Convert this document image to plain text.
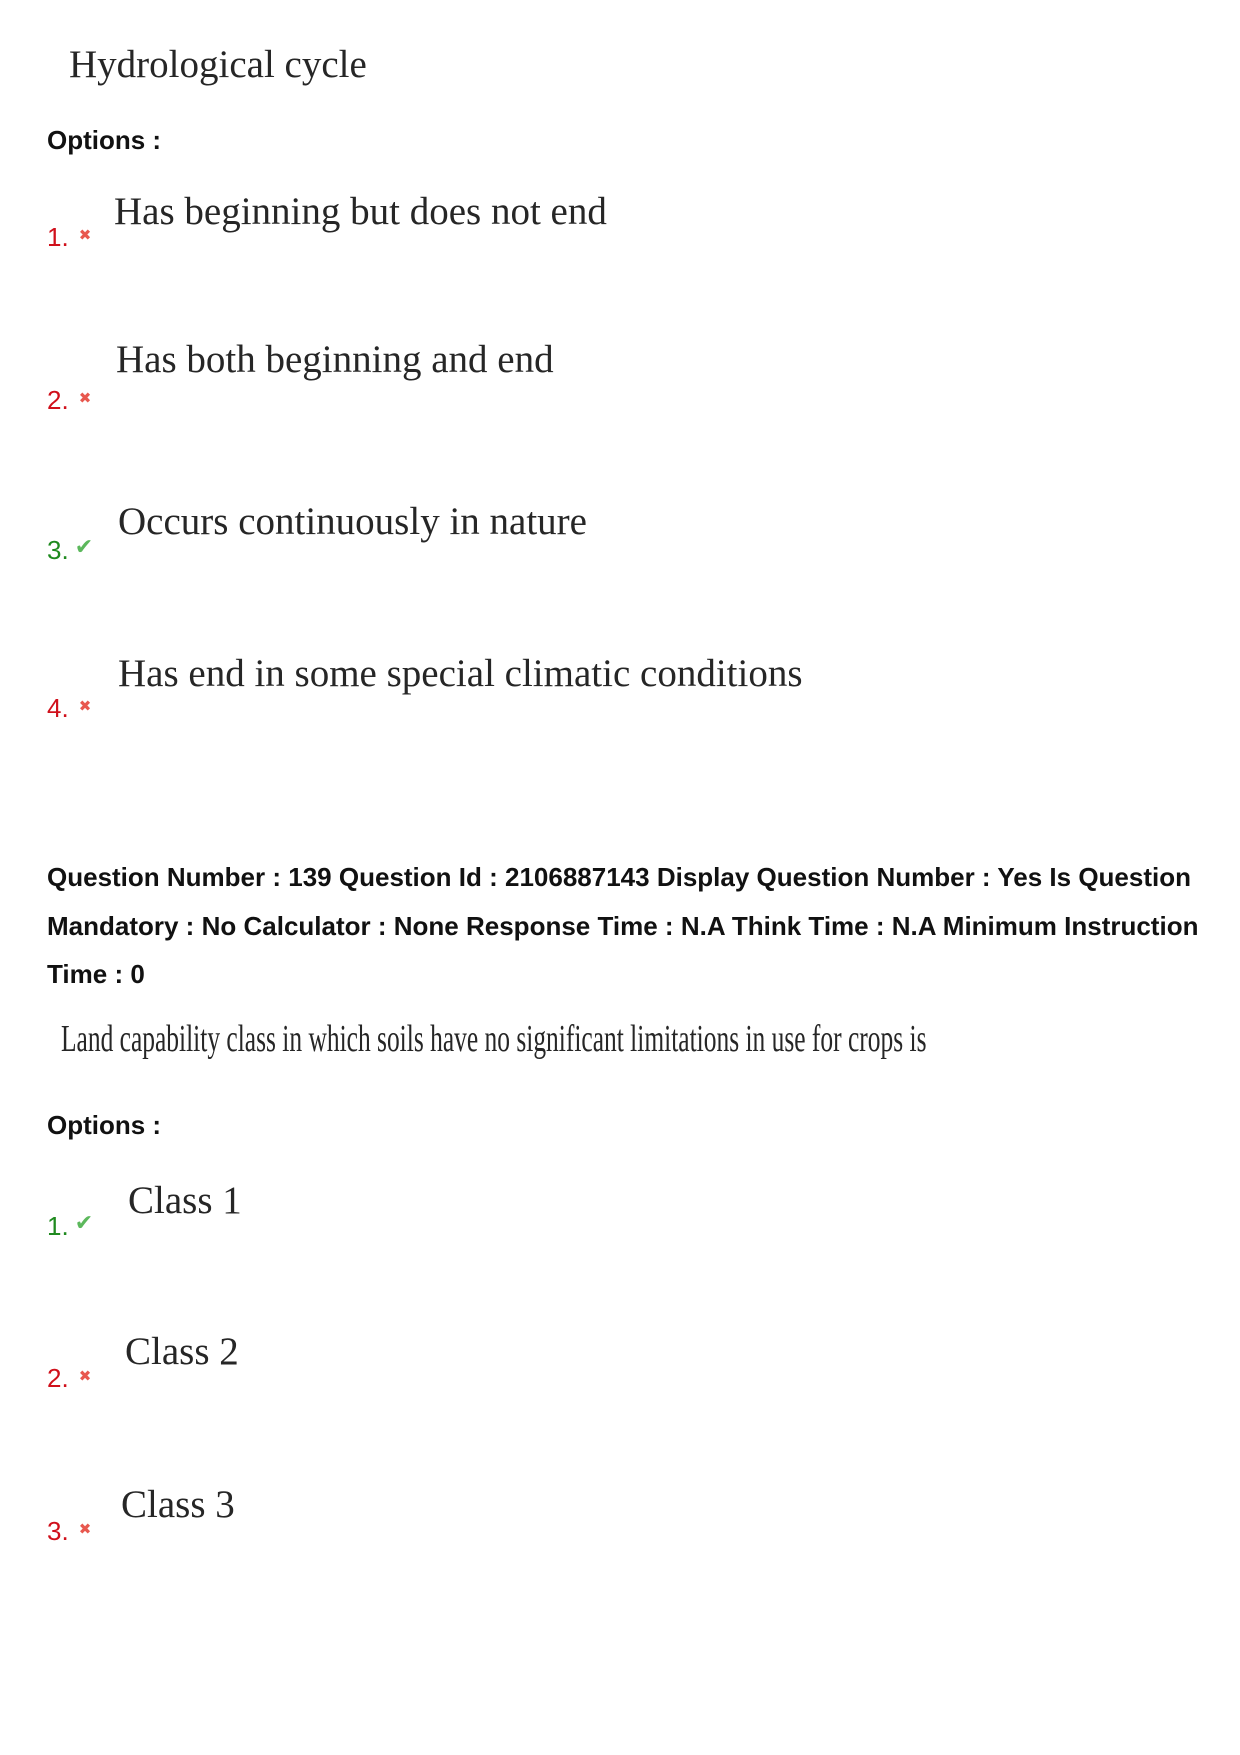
Hydrological cycle
Options :
1.
✖
Has beginning but does not end
2.
✖
Has both beginning and end
3.
✔
Occurs continuously in nature
4.
✖
Has end in some special climatic conditions

Question Number : 139 Question Id : 2106887143 Display Question Number : Yes Is Question Mandatory : No Calculator : None Response Time : N.A Think Time : N.A Minimum Instruction Time : 0

Land capability class in which soils have no significant limitations in use for crops is
Options :
1.
✔
Class 1
2.
✖
Class 2
3.
✖
Class 3
